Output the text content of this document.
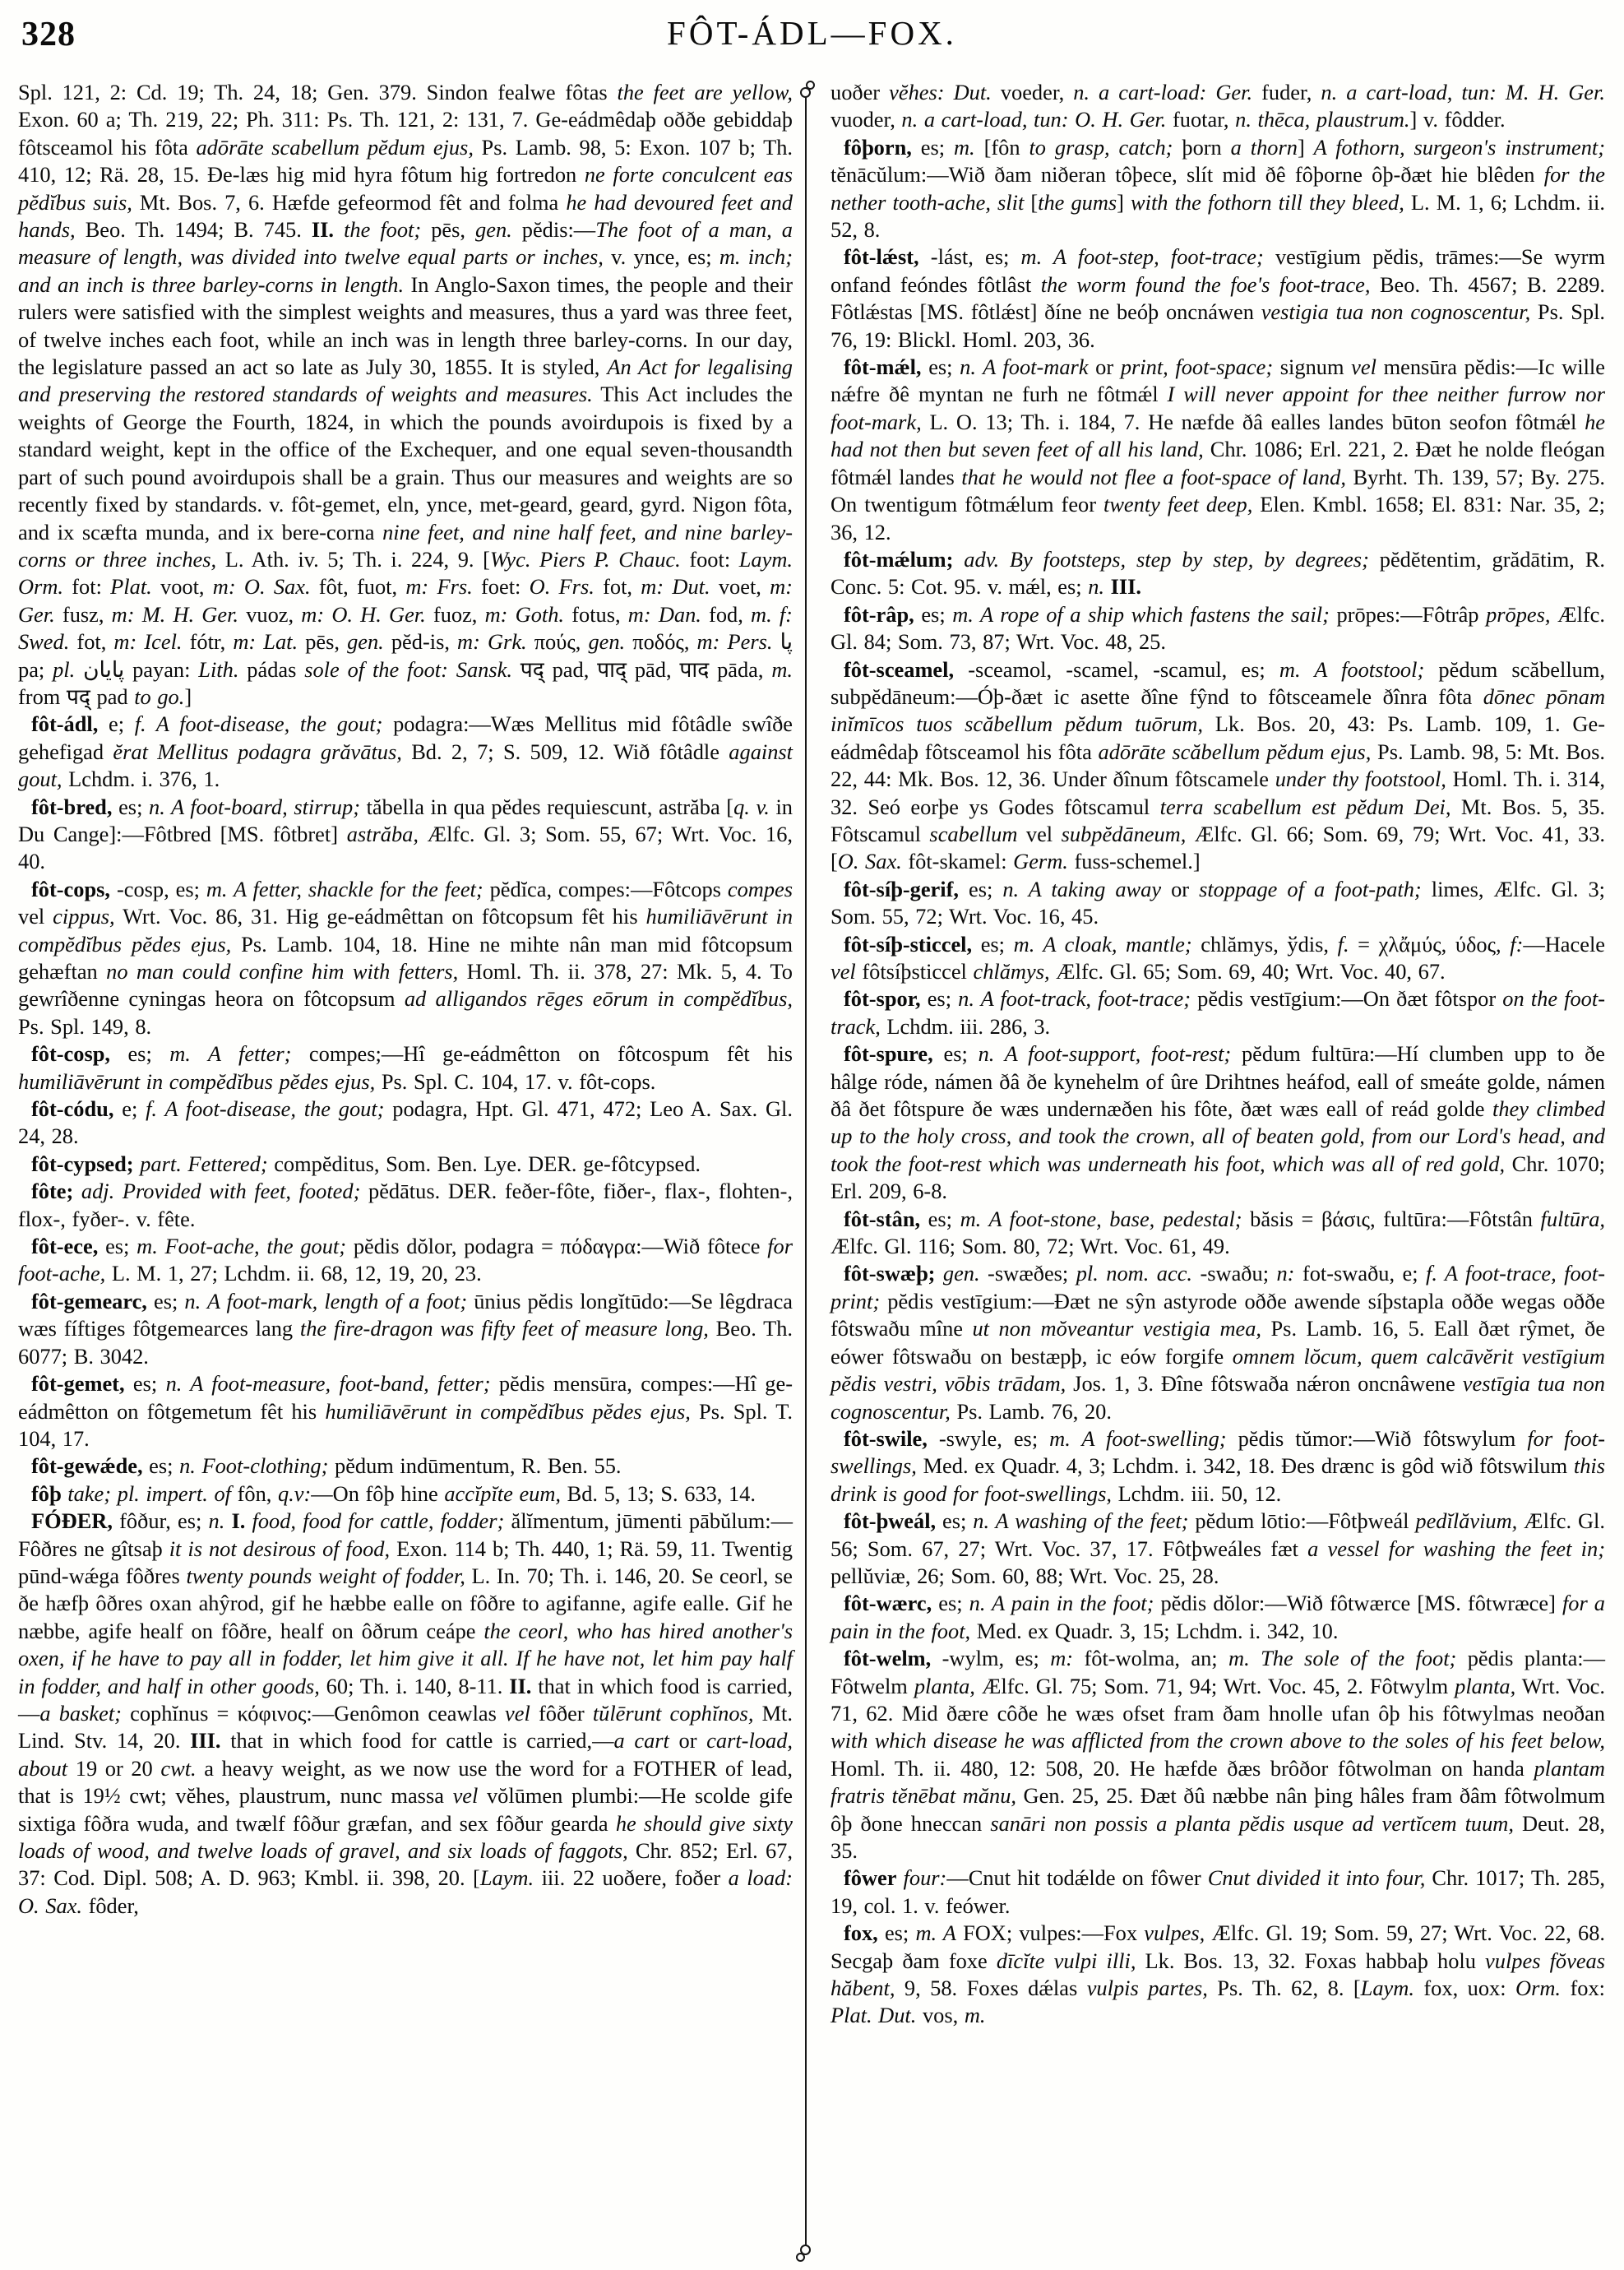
328	FÔT-ÁDL—FOX.

Spl. 121, 2: Cd. 19; Th. 24, 18; Gen. 379. Sindon fealwe fôtas the feet are yellow, Exon. 60 a; Th. 219, 22; Ph. 311: Ps. Th. 121, 2: 131, 7. Ge-eádmêdaþ oððe gebiddaþ fôtsceamol his fôta adōrāte scabellum pĕdum ejus, Ps. Lamb. 98, 5: Exon. 107 b; Th. 410, 12; Rä. 28, 15. Ðe-læs hig mid hyra fôtum hig fortredon ne forte conculcent eas pĕdĭbus suis, Mt. Bos. 7, 6. Hæfde gefeormod fêt and folma he had devoured feet and hands, Beo. Th. 1494; B. 745. II. the foot; pēs, gen. pĕdis:—The foot of a man, a measure of length, was divided into twelve equal parts or inches, v. ynce, es; m. inch; and an inch is three barley-corns in length. In Anglo-Saxon times, the people and their rulers were satisfied with the simplest weights and measures, thus a yard was three feet, of twelve inches each foot, while an inch was in length three barley-corns. In our day, the legislature passed an act so late as July 30, 1855. It is styled, An Act for legalising and preserving the restored standards of weights and measures. This Act includes the weights of George the Fourth, 1824, in which the pounds avoirdupois is fixed by a standard weight, kept in the office of the Exchequer, and one equal seven-thousandth part of such pound avoirdupois shall be a grain. Thus our measures and weights are so recently fixed by standards. v. fôt-gemet, eln, ynce, met-geard, geard, gyrd. Nigon fôta, and ix scæfta munda, and ix bere-corna nine feet, and nine half feet, and nine barley-corns or three inches, L. Ath. iv. 5; Th. i. 224, 9. [Wyc. Piers P. Chauc. foot: Laym. Orm. fot: Plat. voot, m: O. Sax. fôt, fuot, m: Frs. foet: O. Frs. fot, m: Dut. voet, m: Ger. fusz, m: M. H. Ger. vuoz, m: O. H. Ger. fuoz, m: Goth. fotus, m: Dan. fod, m. f: Swed. fot, m: Icel. fótr, m: Lat. pēs, gen. pĕd-is, m: Grk. πούς, gen. ποδός, m: Pers. پا pa; pl. پایان payan: Lith. pádas sole of the foot: Sansk. पद् pad, पाद् pād, पाद pāda, m. from पद् pad to go.]

fôt-ádl, e; f. A foot-disease, the gout; podagra:—Wæs Mellitus mid fôtâdle swîðe gehefigad ĕrat Mellitus podagra grăvātus, Bd. 2, 7; S. 509, 12. Wið fôtâdle against gout, Lchdm. i. 376, 1.

fôt-bred, es; n. A foot-board, stirrup; tăbella in qua pĕdes requiescunt, astrăba [q. v. in Du Cange]:—Fôtbred [MS. fôtbret] astrăba, Ælfc. Gl. 3; Som. 55, 67; Wrt. Voc. 16, 40.

fôt-cops, -cosp, es; m. A fetter, shackle for the feet; pĕdĭca, compes:—Fôtcops compes vel cippus, Wrt. Voc. 86, 31. Hig ge-eádmêttan on fôtcopsum fêt his humiliāvērunt in compĕdĭbus pĕdes ejus, Ps. Lamb. 104, 18. Hine ne mihte nân man mid fôtcopsum gehæftan no man could confine him with fetters, Homl. Th. ii. 378, 27: Mk. 5, 4. To gewrîðenne cyningas heora on fôtcopsum ad alligandos rēges eōrum in compĕdĭbus, Ps. Spl. 149, 8.

fôt-cosp, es; m. A fetter; compes;—Hî ge-eádmêtton on fôtcospum fêt his humiliāvērunt in compĕdĭbus pĕdes ejus, Ps. Spl. C. 104, 17. v. fôt-cops.

fôt-códu, e; f. A foot-disease, the gout; podagra, Hpt. Gl. 471, 472; Leo A. Sax. Gl. 24, 28.

fôt-cypsed; part. Fettered; compĕditus, Som. Ben. Lye. DER. ge-fôtcypsed.

fôte; adj. Provided with feet, footed; pĕdātus. DER. feðer-fôte, fiðer-, flax-, flohten-, flox-, fyðer-. v. fête.

fôt-ece, es; m. Foot-ache, the gout; pĕdis dŏlor, podagra = πόδαγρα:—Wið fôtece for foot-ache, L. M. 1, 27; Lchdm. ii. 68, 12, 19, 20, 23.

fôt-gemearc, es; n. A foot-mark, length of a foot; ūnius pĕdis longĭtūdo:—Se lêgdraca wæs fíftiges fôtgemearces lang the fire-dragon was fifty feet of measure long, Beo. Th. 6077; B. 3042.

fôt-gemet, es; n. A foot-measure, foot-band, fetter; pĕdis mensūra, compes:—Hî ge-eádmêtton on fôtgemetum fêt his humiliāvērunt in compĕdĭbus pĕdes ejus, Ps. Spl. T. 104, 17.

fôt-gewǽde, es; n. Foot-clothing; pĕdum indūmentum, R. Ben. 55.

fôþ take; pl. impert. of fôn, q.v:—On fôþ hine accĭpĭte eum, Bd. 5, 13; S. 633, 14.

FÓÐER, fôður, es; n. I. food, food for cattle, fodder; ălĭmentum, jūmenti pābŭlum:—Fôðres ne gîtsaþ it is not desirous of food, Exon. 114 b; Th. 440, 1; Rä. 59, 11. Twentig pūnd-wǽga fôðres twenty pounds weight of fodder, L. In. 70; Th. i. 146, 20. Se ceorl, se ðe hæfþ ôðres oxan ahŷrod, gif he hæbbe ealle on fôðre to agifanne, agife ealle. Gif he næbbe, agife healf on fôðre, healf on ôðrum ceápe the ceorl, who has hired another's oxen, if he have to pay all in fodder, let him give it all. If he have not, let him pay half in fodder, and half in other goods, 60; Th. i. 140, 8-11. II. that in which food is carried,—a basket; cophĭnus = κόφινος:—Genômon ceawlas vel fôðer tŭlērunt cophĭnos, Mt. Lind. Stv. 14, 20. III. that in which food for cattle is carried,—a cart or cart-load, about 19 or 20 cwt. a heavy weight, as we now use the word for a FOTHER of lead, that is 19½ cwt; vĕhes, plaustrum, nunc massa vel vŏlūmen plumbi:—He scolde gife sixtiga fôðra wuda, and twælf fôður græfan, and sex fôður gearda he should give sixty loads of wood, and twelve loads of gravel, and six loads of faggots, Chr. 852; Erl. 67, 37: Cod. Dipl. 508; A. D. 963; Kmbl. ii. 398, 20. [Laym. iii. 22 uoðere, foðer a load: O. Sax. fôder,

uoðer vĕhes: Dut. voeder, n. a cart-load: Ger. fuder, n. a cart-load, tun: M. H. Ger. vuoder, n. a cart-load, tun: O. H. Ger. fuotar, n. thēca, plaustrum.] v. fôdder.

fôþorn, es; m. [fôn to grasp, catch; þorn a thorn] A fothorn, surgeon's instrument; tĕnācŭlum:—Wið ðam niðeran tôþece, slít mid ðê fôþorne ôþ-ðæt hie blêden for the nether tooth-ache, slit [the gums] with the fothorn till they bleed, L. M. 1, 6; Lchdm. ii. 52, 8.

fôt-lǽst, -lást, es; m. A foot-step, foot-trace; vestīgium pĕdis, trāmes:—Se wyrm onfand feóndes fôtlâst the worm found the foe's foot-trace, Beo. Th. 4567; B. 2289. Fôtlǽstas [MS. fôtlǽst] ðíne ne beóþ oncnáwen vestigia tua non cognoscentur, Ps. Spl. 76, 19: Blickl. Homl. 203, 36.

fôt-mǽl, es; n. A foot-mark or print, foot-space; signum vel mensūra pĕdis:—Ic wille nǽfre ðê myntan ne furh ne fôtmǽl I will never appoint for thee neither furrow nor foot-mark, L. O. 13; Th. i. 184, 7. He næfde ðâ ealles landes būton seofon fôtmǽl he had not then but seven feet of all his land, Chr. 1086; Erl. 221, 2. Ðæt he nolde fleógan fôtmǽl landes that he would not flee a foot-space of land, Byrht. Th. 139, 57; By. 275. On twentigum fôtmǽlum feor twenty feet deep, Elen. Kmbl. 1658; El. 831: Nar. 35, 2; 36, 12.

fôt-mǽlum; adv. By footsteps, step by step, by degrees; pĕdĕtentim, grădātim, R. Conc. 5: Cot. 95. v. mǽl, es; n. III.

fôt-râp, es; m. A rope of a ship which fastens the sail; prōpes:—Fôtrâp prōpes, Ælfc. Gl. 84; Som. 73, 87; Wrt. Voc. 48, 25.

fôt-sceamel, -sceamol, -scamel, -scamul, es; m. A footstool; pĕdum scăbellum, subpĕdāneum:—Óþ-ðæt ic asette ðîne fŷnd to fôtsceamele ðînra fôta dōnec pōnam inĭmīcos tuos scăbellum pĕdum tuōrum, Lk. Bos. 20, 43: Ps. Lamb. 109, 1. Ge-eádmêdaþ fôtsceamol his fôta adōrāte scăbellum pĕdum ejus, Ps. Lamb. 98, 5: Mt. Bos. 22, 44: Mk. Bos. 12, 36. Under ðînum fôtscamele under thy footstool, Homl. Th. i. 314, 32. Seó eorþe ys Godes fôtscamul terra scabellum est pĕdum Dei, Mt. Bos. 5, 35. Fôtscamul scabellum vel subpĕdāneum, Ælfc. Gl. 66; Som. 69, 79; Wrt. Voc. 41, 33. [O. Sax. fôt-skamel: Germ. fuss-schemel.]

fôt-síþ-gerif, es; n. A taking away or stoppage of a foot-path; limes, Ælfc. Gl. 3; Som. 55, 72; Wrt. Voc. 16, 45.

fôt-síþ-sticcel, es; m. A cloak, mantle; chlămys, ўdis, f. = χλἄμύς, ύδος, f:—Hacele vel fôtsíþsticcel chlămys, Ælfc. Gl. 65; Som. 69, 40; Wrt. Voc. 40, 67.

fôt-spor, es; n. A foot-track, foot-trace; pĕdis vestīgium:—On ðæt fôtspor on the foot-track, Lchdm. iii. 286, 3.

fôt-spure, es; n. A foot-support, foot-rest; pĕdum fultūra:—Hí clumben upp to ðe hâlge róde, námen ðâ ðe kynehelm of ûre Drihtnes heáfod, eall of smeáte golde, námen ðâ ðet fôtspure ðe wæs undernæðen his fôte, ðæt wæs eall of reád golde they climbed up to the holy cross, and took the crown, all of beaten gold, from our Lord's head, and took the foot-rest which was underneath his foot, which was all of red gold, Chr. 1070; Erl. 209, 6-8.

fôt-stân, es; m. A foot-stone, base, pedestal; băsis = βάσις, fultūra:—Fôtstân fultūra, Ælfc. Gl. 116; Som. 80, 72; Wrt. Voc. 61, 49.

fôt-swæþ; gen. -swæðes; pl. nom. acc. -swaðu; n: fot-swaðu, e; f. A foot-trace, foot-print; pĕdis vestīgium:—Ðæt ne sŷn astyrode oððe awende síþstapla oððe wegas oððe fôtswaðu mîne ut non mŏveantur vestigia mea, Ps. Lamb. 16, 5. Eall ðæt rŷmet, ðe eówer fôtswaðu on bestæpþ, ic eów forgife omnem lŏcum, quem calcāvĕrit vestīgium pĕdis vestri, vōbis trādam, Jos. 1, 3. Ðîne fôtswaða nǽron oncnâwene vestīgia tua non cognoscentur, Ps. Lamb. 76, 20.

fôt-swile, -swyle, es; m. A foot-swelling; pĕdis tŭmor:—Wið fôtswylum for foot-swellings, Med. ex Quadr. 4, 3; Lchdm. i. 342, 18. Ðes drænc is gôd wið fôtswilum this drink is good for foot-swellings, Lchdm. iii. 50, 12.

fôt-þweál, es; n. A washing of the feet; pĕdum lōtio:—Fôtþweál pedĭlăvium, Ælfc. Gl. 56; Som. 67, 27; Wrt. Voc. 37, 17. Fôtþweáles fæt a vessel for washing the feet in; pellŭviæ, 26; Som. 60, 88; Wrt. Voc. 25, 28.

fôt-wærc, es; n. A pain in the foot; pĕdis dŏlor:—Wið fôtwærce [MS. fôtwræce] for a pain in the foot, Med. ex Quadr. 3, 15; Lchdm. i. 342, 10.

fôt-welm, -wylm, es; m: fôt-wolma, an; m. The sole of the foot; pĕdis planta:—Fôtwelm planta, Ælfc. Gl. 75; Som. 71, 94; Wrt. Voc. 45, 2. Fôtwylm planta, Wrt. Voc. 71, 62. Mid ðære côðe he wæs ofset fram ðam hnolle ufan ôþ his fôtwylmas neoðan with which disease he was afflicted from the crown above to the soles of his feet below, Homl. Th. ii. 480, 12: 508, 20. He hæfde ðæs brôðor fôtwolman on handa plantam fratris tĕnēbat mănu, Gen. 25, 25. Ðæt ðû næbbe nân þing hâles fram ðâm fôtwolmum ôþ ðone hneccan sanāri non possis a planta pĕdis usque ad vertĭcem tuum, Deut. 28, 35.

fôwer four:—Cnut hit todǽlde on fôwer Cnut divided it into four, Chr. 1017; Th. 285, 19, col. 1. v. feówer.

fox, es; m. A FOX; vulpes:—Fox vulpes, Ælfc. Gl. 19; Som. 59, 27; Wrt. Voc. 22, 68. Secgaþ ðam foxe dīcĭte vulpi illi, Lk. Bos. 13, 32. Foxas habbaþ holu vulpes fŏveas hăbent, 9, 58. Foxes dǽlas vulpis partes, Ps. Th. 62, 8. [Laym. fox, uox: Orm. fox: Plat. Dut. vos, m.
